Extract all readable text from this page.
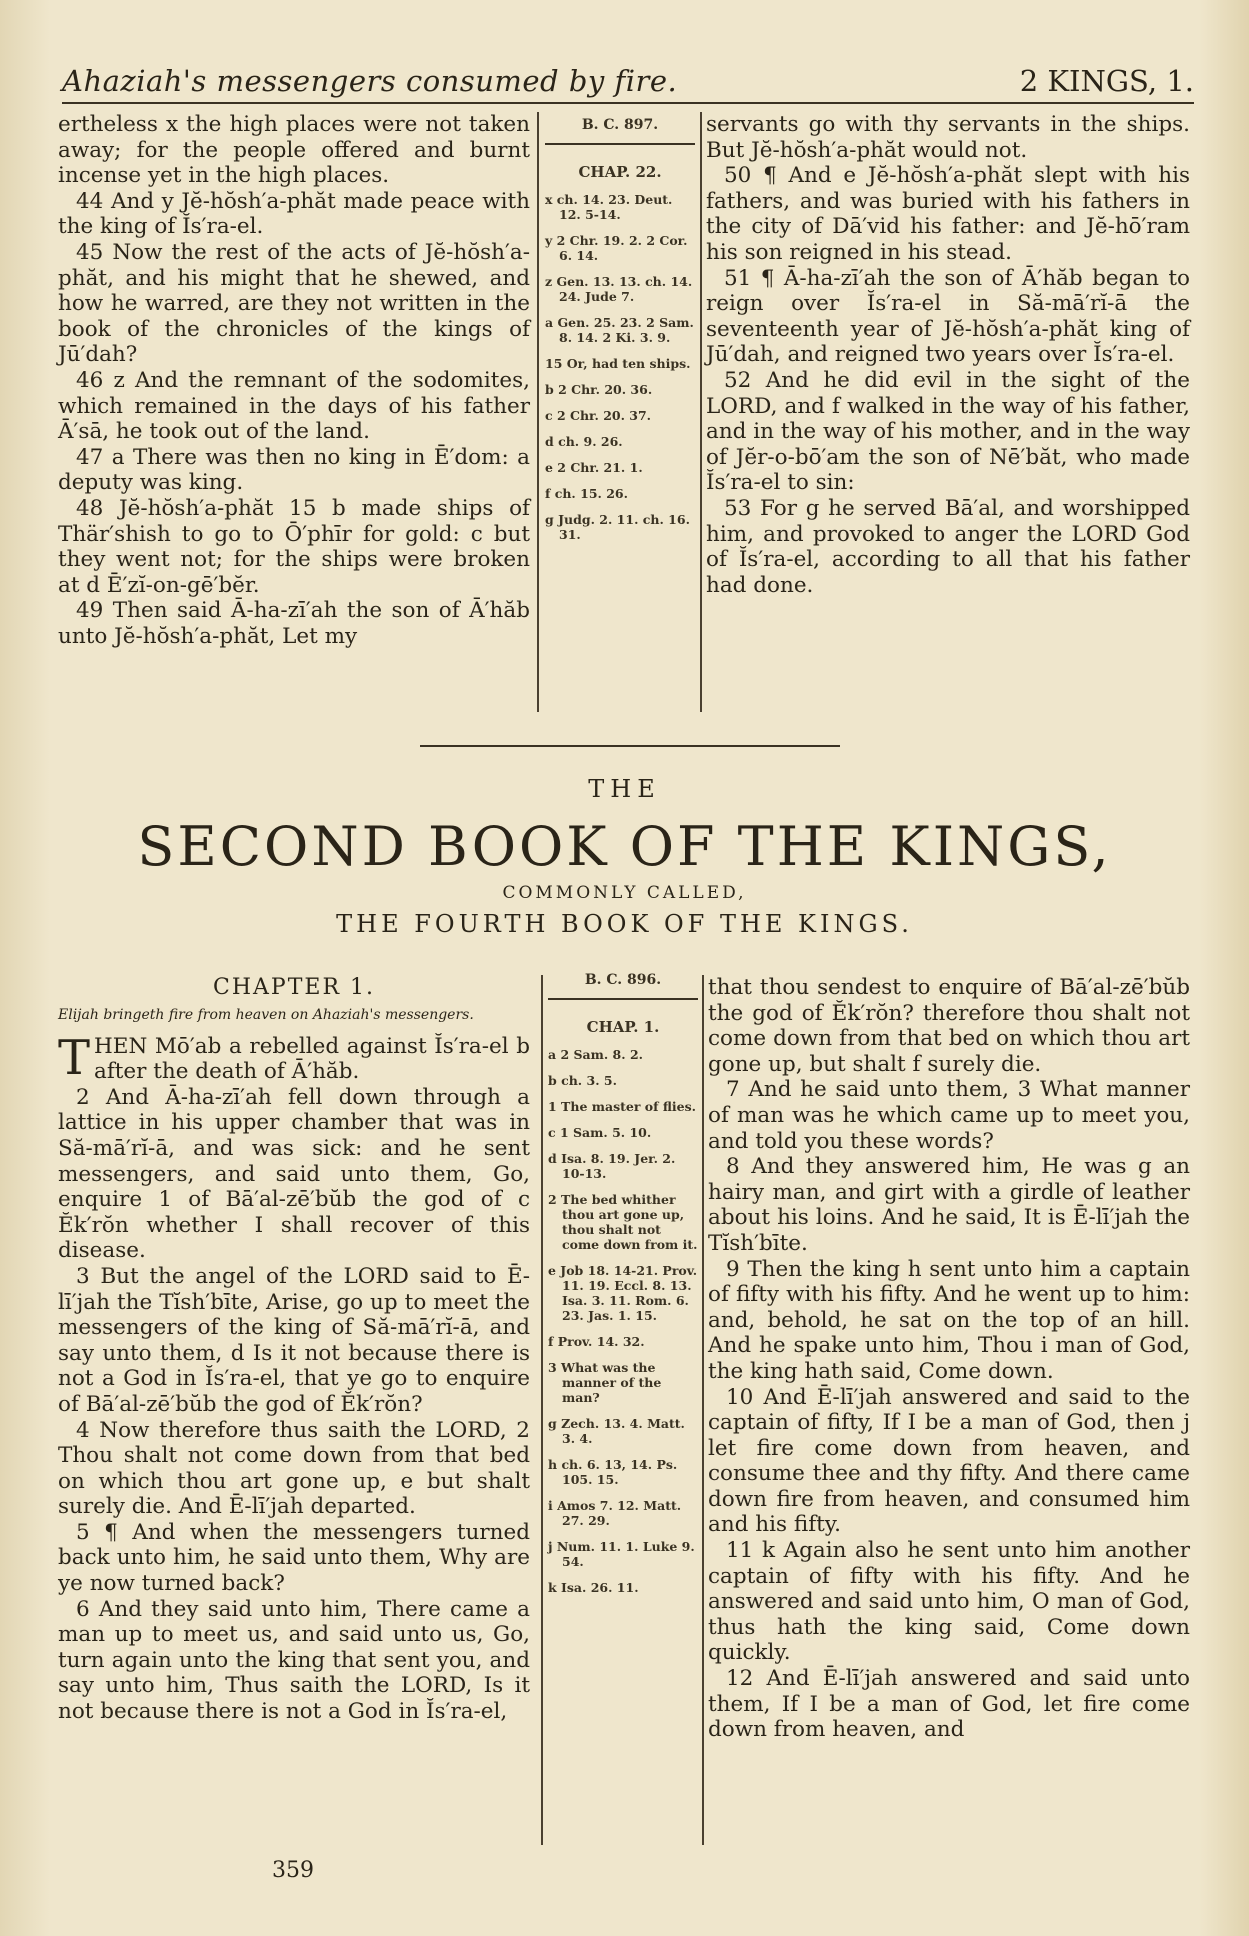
Ahaziah's messengers consumed by fire.	2 KINGS, 1.

ertheless x the high places were not taken away; for the people offered and burnt incense yet in the high places.

44 And y Jĕ-hŏsh′a-phăt made peace with the king of Ĭs′ra-el.

45 Now the rest of the acts of Jĕ-hŏsh′a-phăt, and his might that he shewed, and how he warred, are they not written in the book of the chronicles of the kings of Jū′dah?

46 z And the remnant of the sodomites, which remained in the days of his father Ā′sā, he took out of the land.

47 a There was then no king in Ē′dom: a deputy was king.

48 Jĕ-hŏsh′a-phăt 15 b made ships of Thär′shish to go to Ō′phīr for gold: c but they went not; for the ships were broken at d Ē′zĭ-on-gē′bĕr.

49 Then said Ā-ha-zī′ah the son of Ā′hăb unto Jĕ-hŏsh′a-phăt, Let my

B. C. 897.
CHAP. 22.
x ch. 14. 23. Deut. 12. 5-14.
y 2 Chr. 19. 2. 2 Cor. 6. 14.
z Gen. 13. 13. ch. 14. 24. Jude 7.
a Gen. 25. 23. 2 Sam. 8. 14. 2 Ki. 3. 9.
15 Or, had ten ships.
b 2 Chr. 20. 36.
c 2 Chr. 20. 37.
d ch. 9. 26.
e 2 Chr. 21. 1.
f ch. 15. 26.
g Judg. 2. 11. ch. 16. 31.

servants go with thy servants in the ships. But Jĕ-hŏsh′a-phăt would not.

50 ¶ And e Jĕ-hŏsh′a-phăt slept with his fathers, and was buried with his fathers in the city of Dā′vid his father: and Jĕ-hō′ram his son reigned in his stead.

51 ¶ Ā-ha-zī′ah the son of Ā′hăb began to reign over Ĭs′ra-el in Să-mā′rĭ-ā the seventeenth year of Jĕ-hŏsh′a-phăt king of Jū′dah, and reigned two years over Ĭs′ra-el.

52 And he did evil in the sight of the LORD, and f walked in the way of his father, and in the way of his mother, and in the way of Jĕr-o-bō′am the son of Nē′băt, who made Ĭs′ra-el to sin:

53 For g he served Bā′al, and worshipped him, and provoked to anger the LORD God of Ĭs′ra-el, according to all that his father had done.

THE
SECOND BOOK OF THE KINGS,
COMMONLY CALLED,
THE FOURTH BOOK OF THE KINGS.
CHAPTER 1.
Elijah bringeth fire from heaven on Ahaziah's messengers.

THEN Mō′ab a rebelled against Ĭs′ra-el b after the death of Ā′hăb.

2 And Ā-ha-zī′ah fell down through a lattice in his upper chamber that was in Să-mā′rĭ-ā, and was sick: and he sent messengers, and said unto them, Go, enquire 1 of Bā′al-zē′bŭb the god of c Ĕk′rŏn whether I shall recover of this disease.

3 But the angel of the LORD said to Ē-lī′jah the Tĭsh′bīte, Arise, go up to meet the messengers of the king of Să-mā′rĭ-ā, and say unto them, d Is it not because there is not a God in Ĭs′ra-el, that ye go to enquire of Bā′al-zē′bŭb the god of Ĕk′rŏn?

4 Now therefore thus saith the LORD, 2 Thou shalt not come down from that bed on which thou art gone up, e but shalt surely die. And Ē-lī′jah departed.

5 ¶ And when the messengers turned back unto him, he said unto them, Why are ye now turned back?

6 And they said unto him, There came a man up to meet us, and said unto us, Go, turn again unto the king that sent you, and say unto him, Thus saith the LORD, Is it not because there is not a God in Ĭs′ra-el,

B. C. 896.
CHAP. 1.
a 2 Sam. 8. 2.
b ch. 3. 5.
1 The master of flies.
c 1 Sam. 5. 10.
d Isa. 8. 19. Jer. 2. 10-13.
2 The bed whither thou art gone up, thou shalt not come down from it.
e Job 18. 14-21. Prov. 11. 19. Eccl. 8. 13. Isa. 3. 11. Rom. 6. 23. Jas. 1. 15.
f Prov. 14. 32.
3 What was the manner of the man?
g Zech. 13. 4. Matt. 3. 4.
h ch. 6. 13, 14. Ps. 105. 15.
i Amos 7. 12. Matt. 27. 29.
j Num. 11. 1. Luke 9. 54.
k Isa. 26. 11.

that thou sendest to enquire of Bā′al-zē′bŭb the god of Ĕk′rŏn? therefore thou shalt not come down from that bed on which thou art gone up, but shalt f surely die.

7 And he said unto them, 3 What manner of man was he which came up to meet you, and told you these words?

8 And they answered him, He was g an hairy man, and girt with a girdle of leather about his loins. And he said, It is Ē-lī′jah the Tĭsh′bīte.

9 Then the king h sent unto him a captain of fifty with his fifty. And he went up to him: and, behold, he sat on the top of an hill. And he spake unto him, Thou i man of God, the king hath said, Come down.

10 And Ē-lī′jah answered and said to the captain of fifty, If I be a man of God, then j let fire come down from heaven, and consume thee and thy fifty. And there came down fire from heaven, and consumed him and his fifty.

11 k Again also he sent unto him another captain of fifty with his fifty. And he answered and said unto him, O man of God, thus hath the king said, Come down quickly.

12 And Ē-lī′jah answered and said unto them, If I be a man of God, let fire come down from heaven, and

359
